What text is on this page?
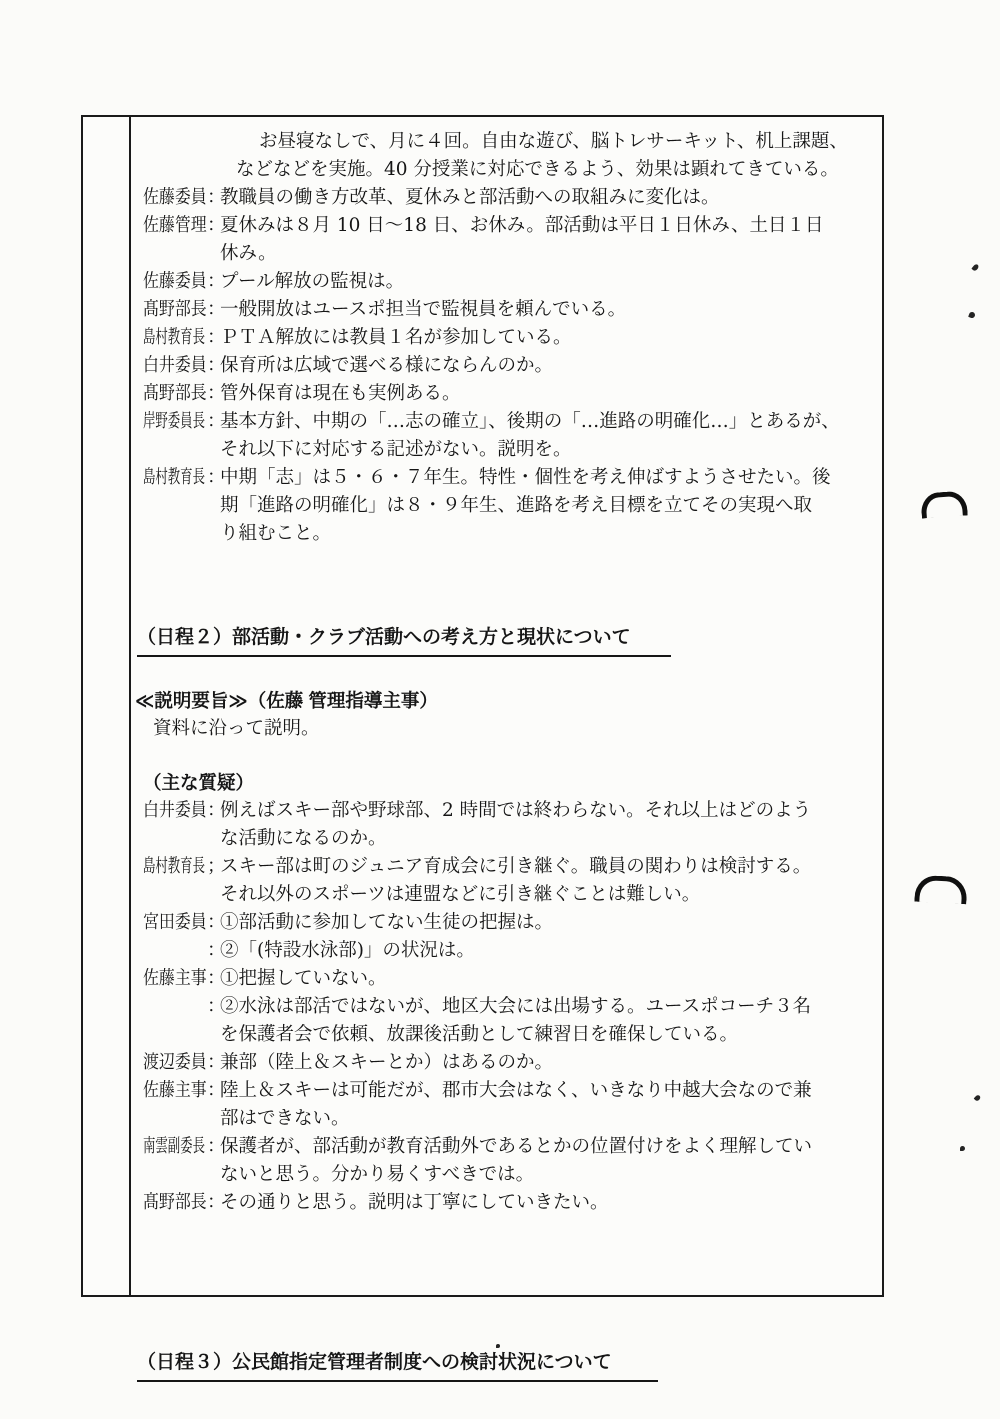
お昼寝なしで、月に４回。自由な遊び、脳トレサーキット、机上課題、
などなどを実施。40 分授業に対応できるよう、効果は顕れてきている。
佐藤委員 ：
教職員の働き方改革、夏休みと部活動への取組みに変化は。
佐藤管理 ：
夏休みは８月 10 日～18 日、お休み。部活動は平日１日休み、土日１日
休み。
佐藤委員 ：
プール解放の監視は。
髙野部長 ：
一般開放はユースポ担当で監視員を頼んでいる。
島村教育長 ：
ＰＴＡ解放には教員１名が参加している。
白井委員 ：
保育所は広域で選べる様にならんのか。
髙野部長 ：
管外保育は現在も実例ある。
岸野委員長 ：
基本方針、中期の「…志の確立」、後期の「…進路の明確化…」とあるが、
それ以下に対応する記述がない。説明を。
島村教育長 ：
中期「志」は５・６・７年生。特性・個性を考え伸ばすようさせたい。後
期「進路の明確化」は８・９年生、進路を考え目標を立てその実現へ取
り組むこと。
（日程２）部活動・クラブ活動への考え方と現状について
≪説明要旨≫（佐藤 管理指導主事）
資料に沿って説明。
（主な質疑）
白井委員 ：
例えばスキー部や野球部、2 時間では終わらない。それ以上はどのよう
な活動になるのか。
島村教育長 ；
スキー部は町のジュニア育成会に引き継ぐ。職員の関わりは検討する。
それ以外のスポーツは連盟などに引き継ぐことは難しい。
宮田委員 ：
①部活動に参加してない生徒の把握は。
：
②「(特設水泳部)」の状況は。
佐藤主事 ：
①把握していない。
：
②水泳は部活ではないが、地区大会には出場する。ユースポコーチ３名
を保護者会で依頼、放課後活動として練習日を確保している。
渡辺委員 ：
兼部（陸上＆スキーとか）はあるのか。
佐藤主事 ：
陸上＆スキーは可能だが、郡市大会はなく、いきなり中越大会なので兼
部はできない。
南雲副委長 ：
保護者が、部活動が教育活動外であるとかの位置付けをよく理解してい
ないと思う。分かり易くすべきでは。
髙野部長 ：
その通りと思う。説明は丁寧にしていきたい。
（日程３）公民館指定管理者制度への検討状況について
